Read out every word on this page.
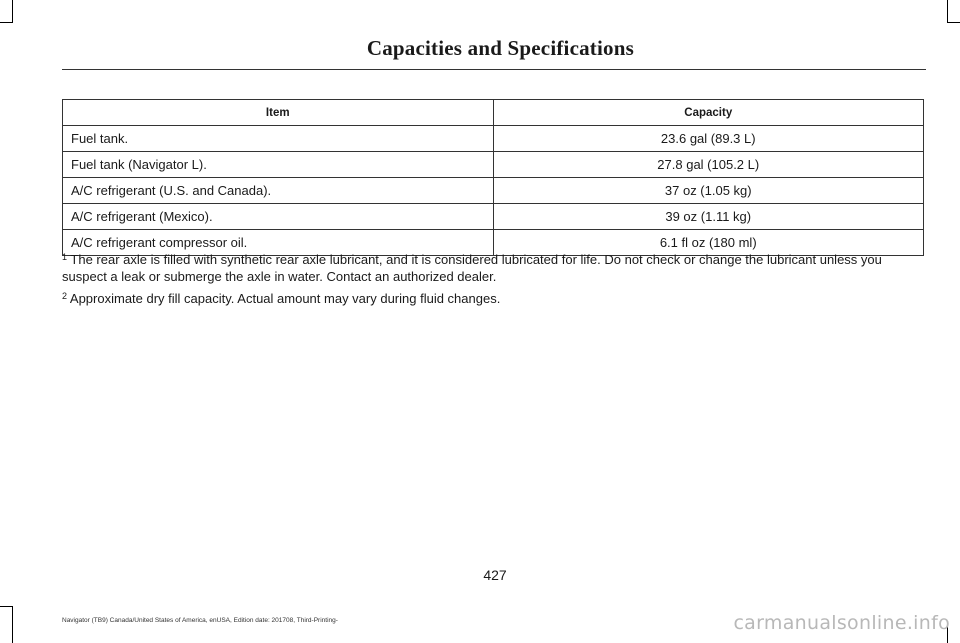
Capacities and Specifications
Item	Capacity
Fuel tank.	23.6 gal (89.3 L)
Fuel tank (Navigator L).	27.8 gal (105.2 L)
A/C refrigerant (U.S. and Canada).	37 oz (1.05 kg)
A/C refrigerant (Mexico).	39 oz (1.11 kg)
A/C refrigerant compressor oil.	6.1 fl oz (180 ml)

$^1$ The rear axle is filled with synthetic rear axle lubricant, and it is considered lubricated for life. Do not check or change the lubricant unless you suspect a leak or submerge the axle in water. Contact an authorized dealer.

$^2$ Approximate dry fill capacity. Actual amount may vary during fluid changes.

427
Navigator (TB9) Canada/United States of America, enUSA, Edition date: 201708, Third-Printing-	carmanualsonline.info
